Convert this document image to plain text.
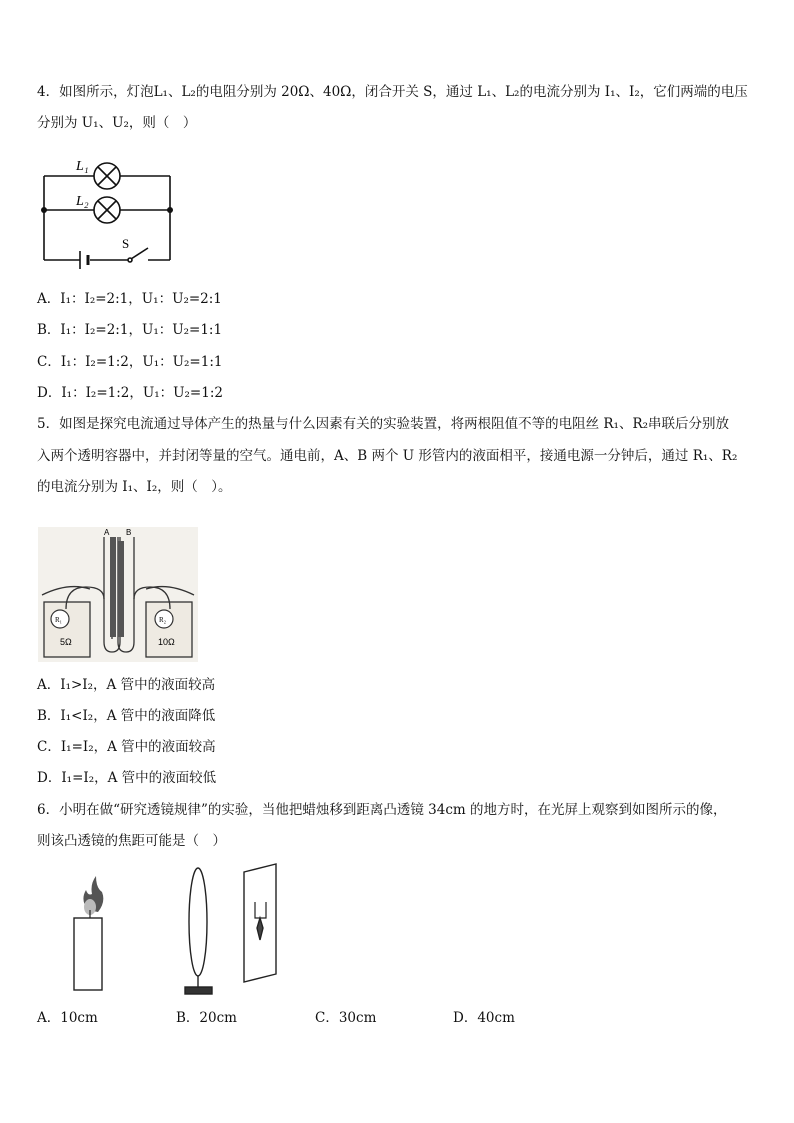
4．如图所示，灯泡L₁、L₂的电阻分别为 20Ω、40Ω，闭合开关 S，通过 L₁、L₂的电流分别为 I₁、I₂，它们两端的电压
分别为 U₁、U₂，则（　）
L₁
L₂
S
A．I₁：I₂=2:1，U₁：U₂=2:1
B．I₁：I₂=2:1，U₁：U₂=1:1
C．I₁：I₂=1:2，U₁：U₂=1:1
D．I₁：I₂=1:2，U₁：U₂=1:2
5．如图是探究电流通过导体产生的热量与什么因素有关的实验装置，将两根阻值不等的电阻丝 R₁、R₂串联后分别放
入两个透明容器中，并封闭等量的空气。通电前，A、B 两个 U 形管内的液面相平，接通电源一分钟后，通过 R₁、R₂
的电流分别为 I₁、I₂，则（　）。
A B
R₁	R₂
5Ω	10Ω
A．I₁>I₂，A 管中的液面较高
B．I₁<I₂，A 管中的液面降低
C．I₁=I₂，A 管中的液面较高
D．I₁=I₂，A 管中的液面较低
6．小明在做“研究透镜规律”的实验，当他把蜡烛移到距离凸透镜 34cm 的地方时，在光屏上观察到如图所示的像，
则该凸透镜的焦距可能是（　）
A．10cm	B．20cm	C．30cm	D．40cm
